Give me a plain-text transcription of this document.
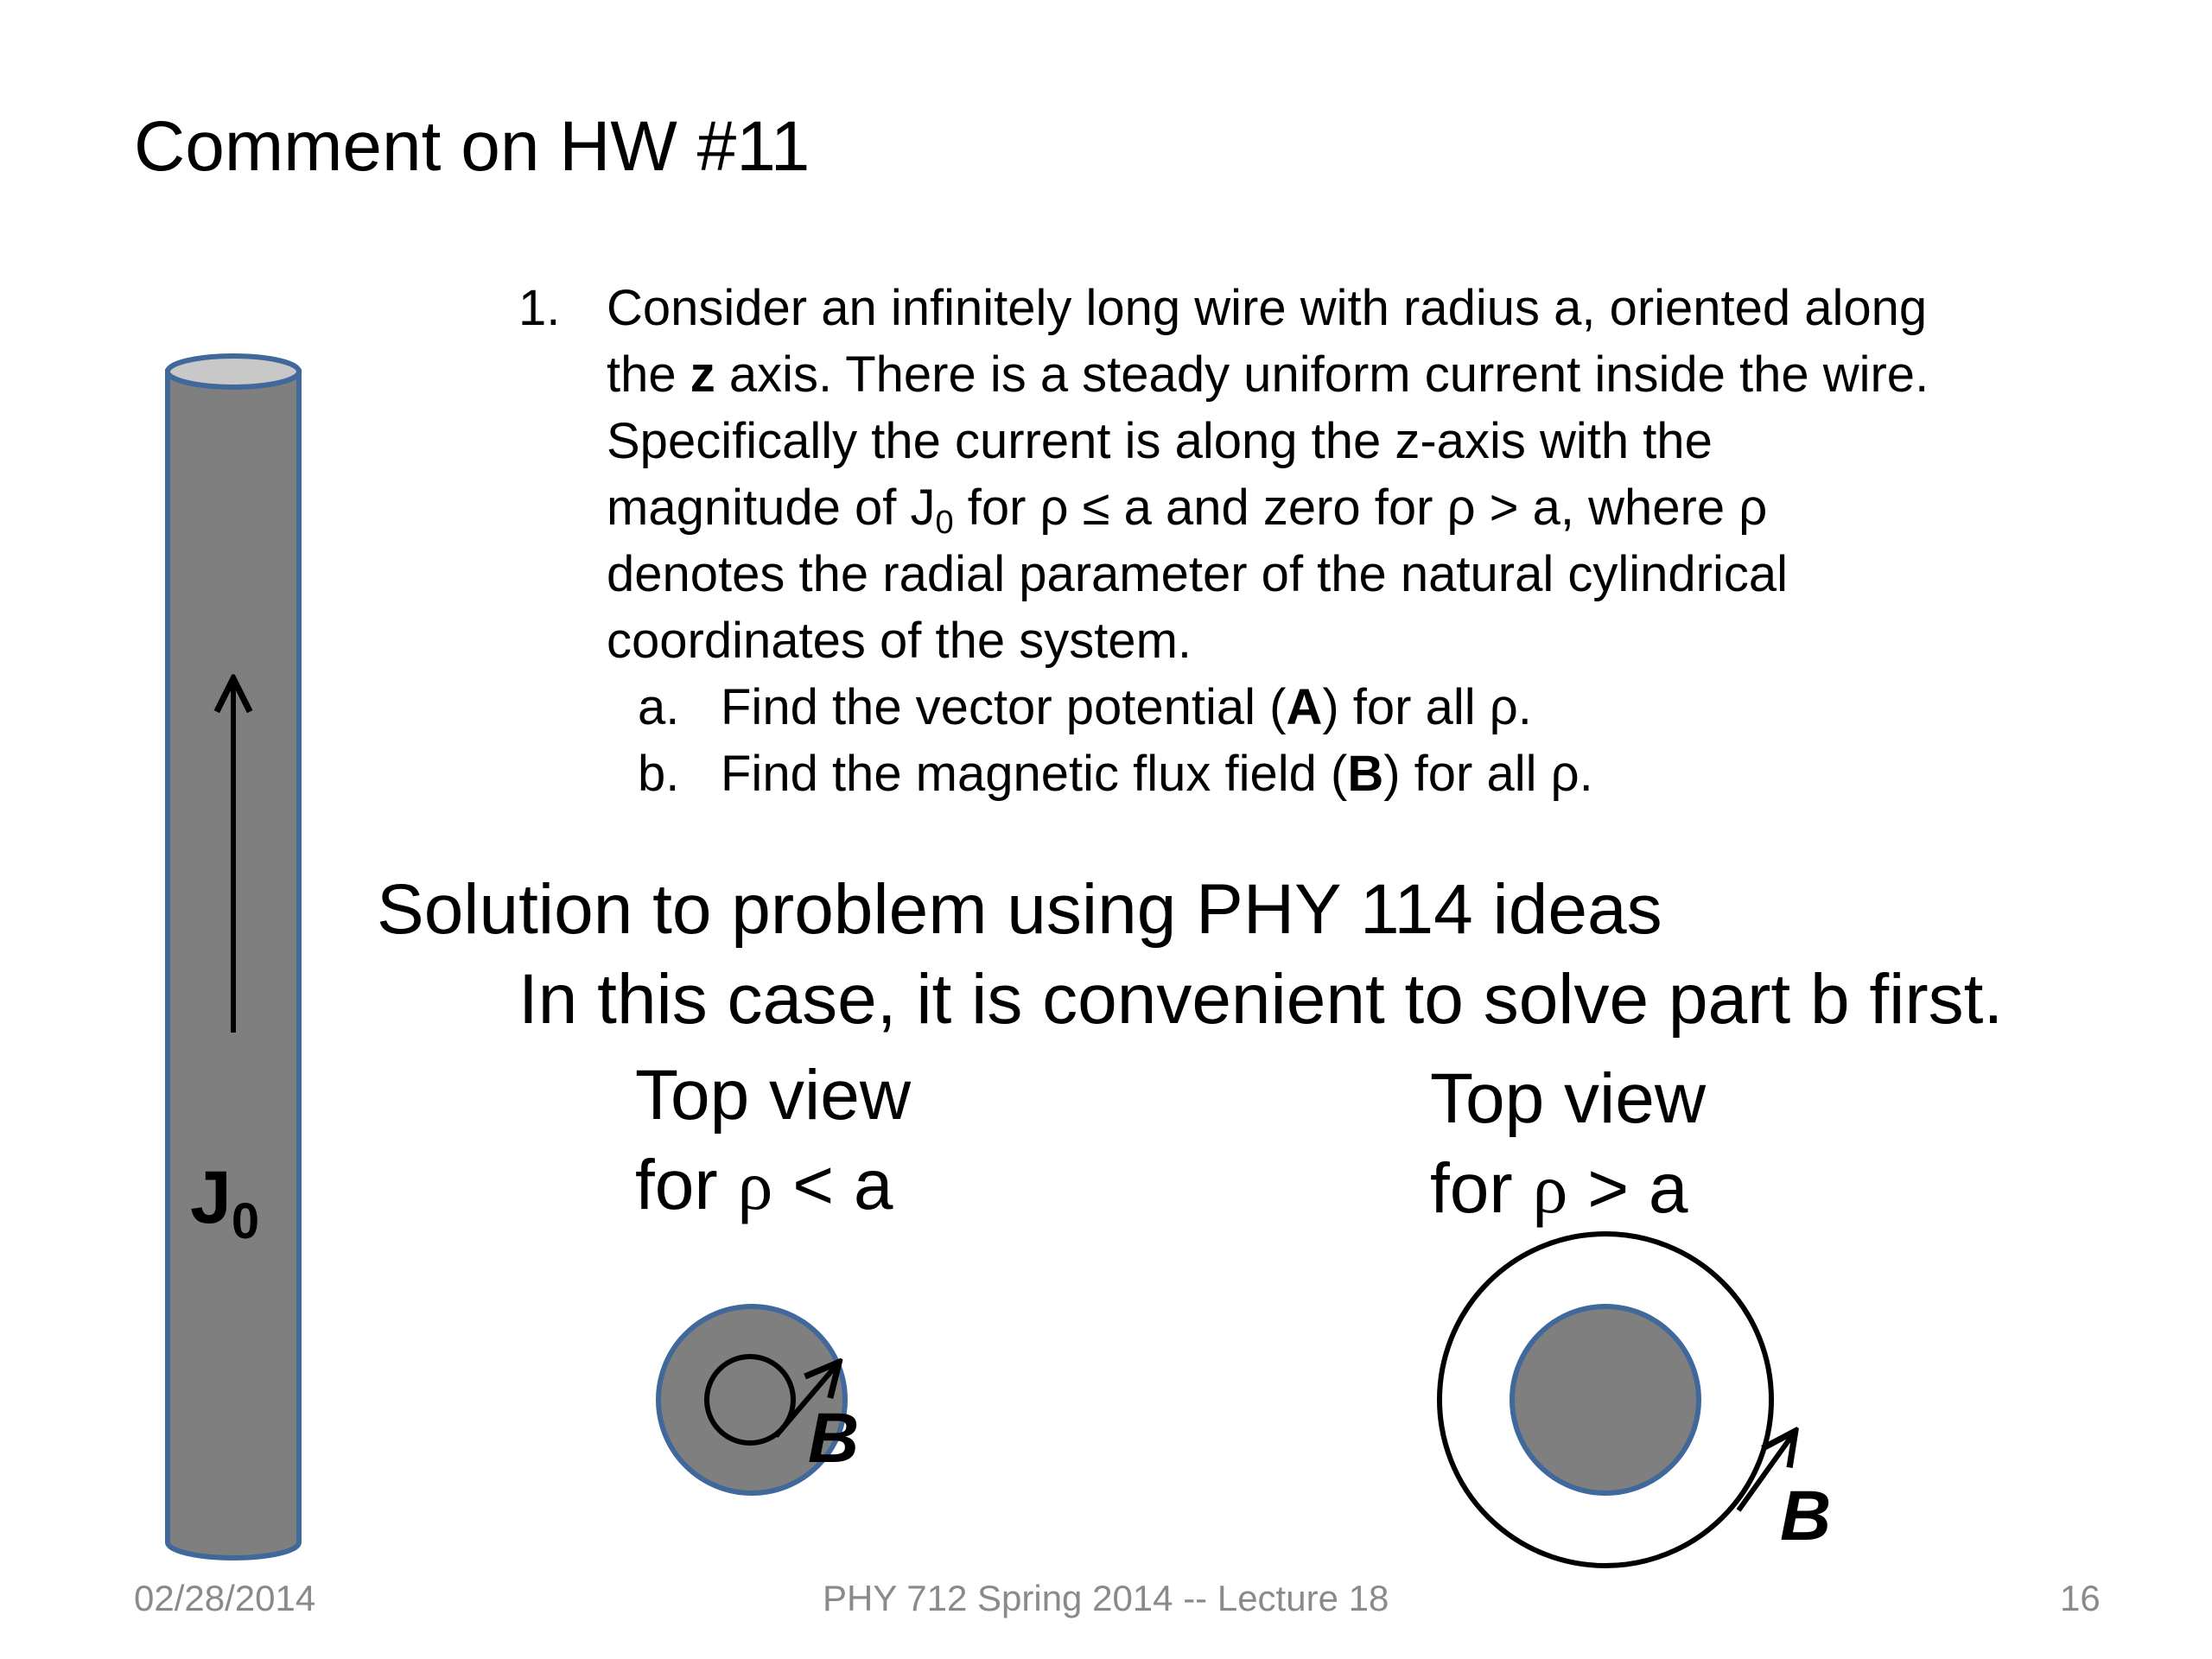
Comment on HW #11
1. Consider an infinitely long wire with radius a, oriented along
the z axis. There is a steady uniform current inside the wire.
Specifically the current is along the z-axis with the
magnitude of $J_0$ for ρ ≤ a and zero for ρ > a, where ρ
denotes the radial parameter of the natural cylindrical
coordinates of the system.
a. Find the vector potential (A) for all ρ.
b. Find the magnetic flux field (B) for all ρ.
Solution to problem using PHY 114 ideas
In this case, it is convenient to solve part b first.
Top view
for ρ < a
Top view
for ρ > a
$J_0$
B
B
02/28/2014	PHY 712 Spring 2014 -- Lecture 18	16
